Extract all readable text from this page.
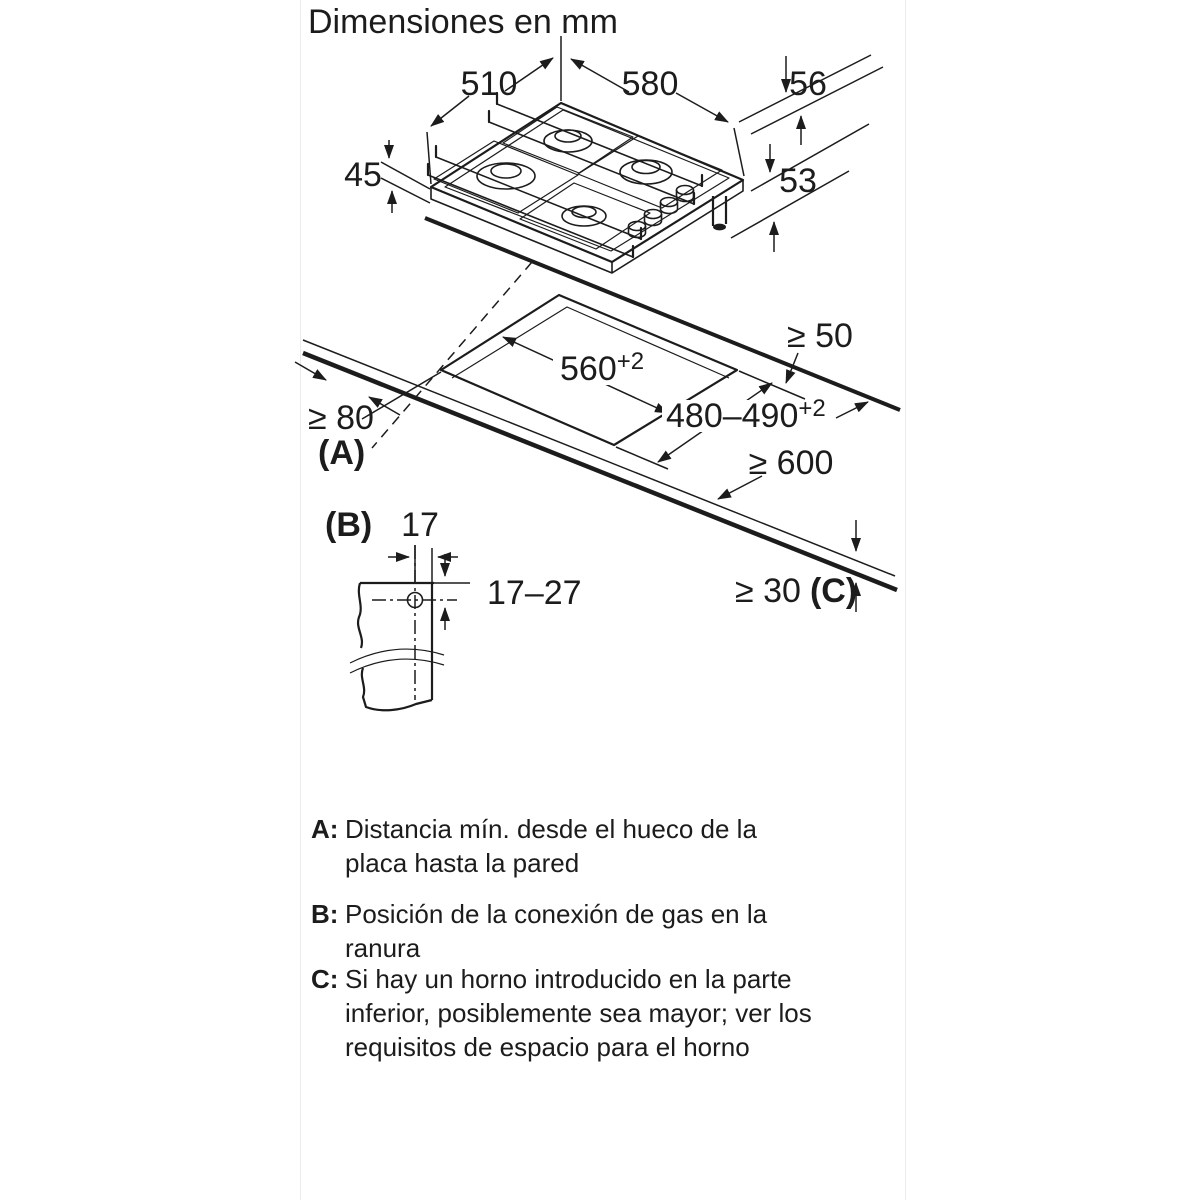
Dimensiones en mm
510	580	56
53
45
$560^{+2}$
$480-490^{+2}$
≥ 50
≥ 80
(A)	≥ 600
≥ 30 (C)
(B) 17
17–27
A: Distancia mín. desde el hueco de la
placa hasta la pared
B: Posición de la conexión de gas en la
ranura
C: Si hay un horno introducido en la parte
inferior, posiblemente sea mayor; ver los
requisitos de espacio para el horno
